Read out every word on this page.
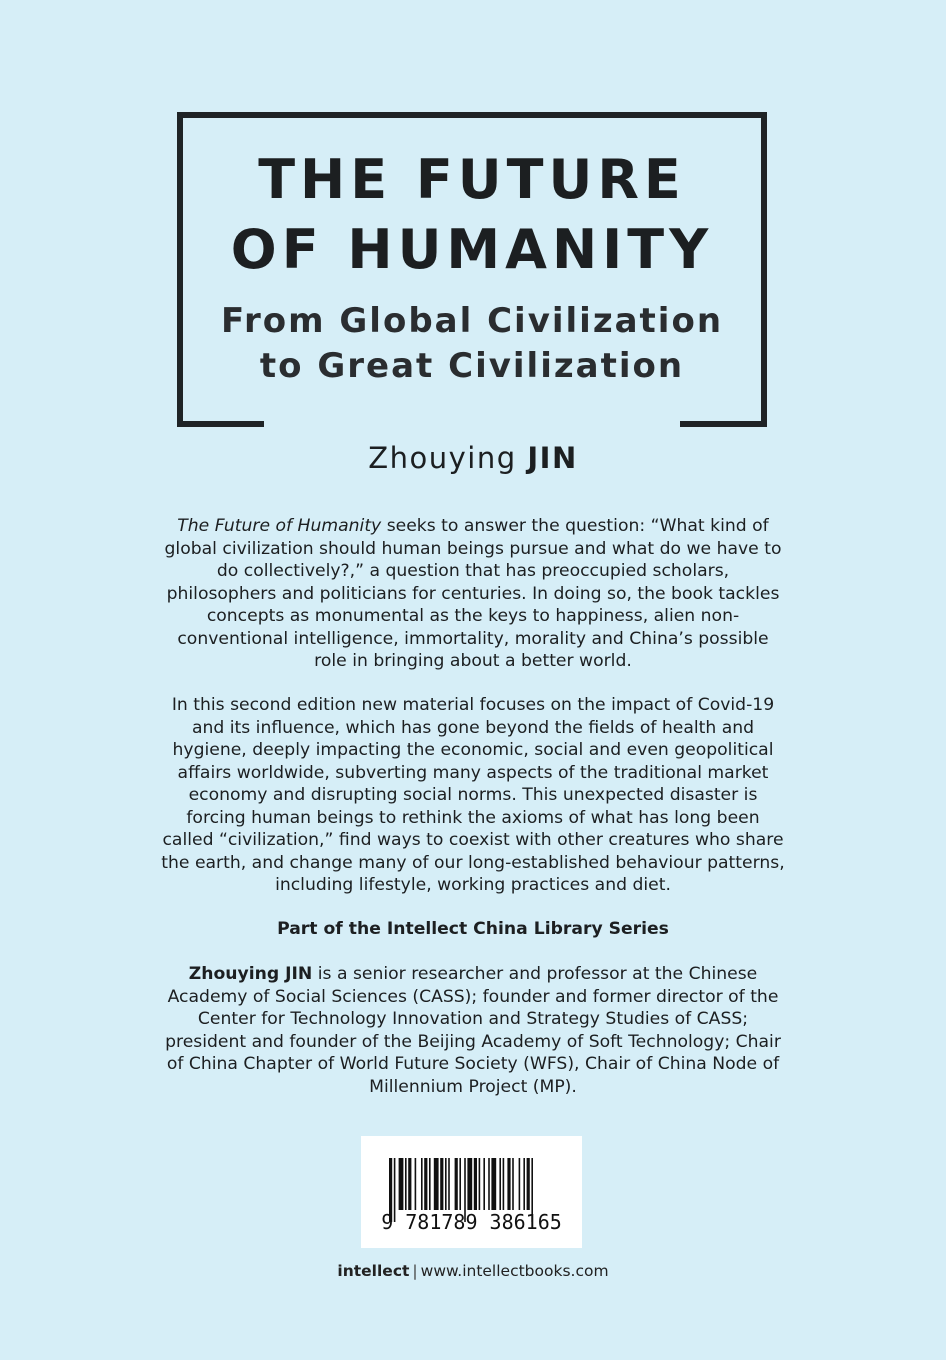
THE FUTURE
OF HUMANITY
From Global Civilization
to Great Civilization

Zhouying JIN

The Future of Humanity seeks to answer the question: “What kind of global civilization should human beings pursue and what do we have to do collectively?,” a question that has preoccupied scholars, philosophers and politicians for centuries. In doing so, the book tackles concepts as monumental as the keys to happiness, alien non-conventional intelligence, immortality, morality and China’s possible role in bringing about a better world.

In this second edition new material focuses on the impact of Covid-19 and its influence, which has gone beyond the fields of health and hygiene, deeply impacting the economic, social and even geopolitical affairs worldwide, subverting many aspects of the traditional market economy and disrupting social norms. This unexpected disaster is forcing human beings to rethink the axioms of what has long been called “civilization,” find ways to coexist with other creatures who share the earth, and change many of our long-established behaviour patterns, including lifestyle, working practices and diet.

Part of the Intellect China Library Series

Zhouying JIN is a senior researcher and professor at the Chinese Academy of Social Sciences (CASS); founder and former director of the Center for Technology Innovation and Strategy Studies of CASS; president and founder of the Beijing Academy of Soft Technology; Chair of China Chapter of World Future Society (WFS), Chair of China Node of Millennium Project (MP).

9 781789 386165
intellect | www.intellectbooks.com
